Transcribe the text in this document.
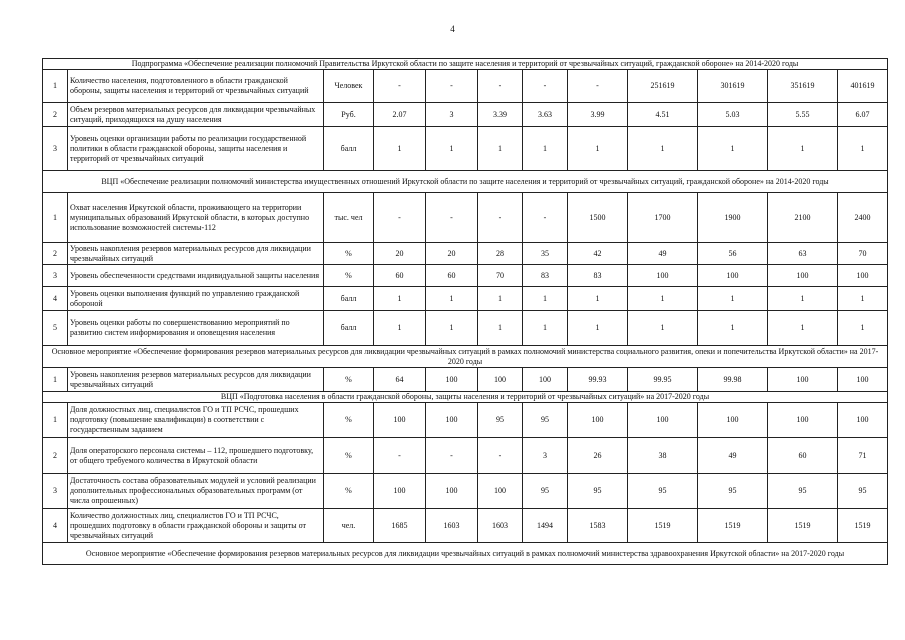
4
Подпрограмма «Обеспечение реализации полномочий Правительства Иркутской области по защите населения и территорий от чрезвычайных ситуаций, гражданской обороне» на 2014-2020 годы											
1	Количество населения, подготовленного в области гражданской обороны, защиты населения и территорий от чрезвычайных ситуаций	Человек	-	-	-	-	-	251619	301619	351619	401619
2	Объем резервов материальных ресурсов для ликвидации чрезвычайных ситуаций, приходящихся на душу населения	Руб.	2.07	3	3.39	3.63	3.99	4.51	5.03	5.55	6.07
3	Уровень оценки организации работы по реализации государственной политики в области гражданской обороны, защиты населения и территорий от чрезвычайных ситуаций	балл	1	1	1	1	1	1	1	1	1
ВЦП «Обеспечение реализации полномочий министерства имущественных отношений Иркутской области по защите населения и территорий от чрезвычайных ситуаций, гражданской обороне» на 2014-2020 годы											
1	Охват населения Иркутской области, проживающего на территории муниципальных образований Иркутской области, в которых доступно использование возможностей системы-112	тыс. чел	-	-	-	-	1500	1700	1900	2100	2400
2	Уровень накопления резервов материальных ресурсов для ликвидации чрезвычайных ситуаций	%	20	20	28	35	42	49	56	63	70
3	Уровень обеспеченности средствами индивидуальной защиты населения	%	60	60	70	83	83	100	100	100	100
4	Уровень оценки выполнения функций по управлению гражданской обороной	балл	1	1	1	1	1	1	1	1	1
5	Уровень оценки работы по совершенствованию мероприятий по развитию систем информирования и оповещения населения	балл	1	1	1	1	1	1	1	1	1
Основное мероприятие «Обеспечение формирования резервов материальных ресурсов для ликвидации чрезвычайных ситуаций в рамках полномочий министерства социального развития, опеки и попечительства Иркутской области» на 2017-2020 годы											
1	Уровень накопления резервов материальных ресурсов для ликвидации чрезвычайных ситуаций	%	64	100	100	100	99.93	99.95	99.98	100	100
ВЦП «Подготовка населения в области гражданской обороны, защиты населения и территорий от чрезвычайных ситуаций» на 2017-2020 годы											
1	Доля должностных лиц, специалистов ГО и ТП РСЧС, прошедших подготовку (повышение квалификации) в соответствии с государственным заданием	%	100	100	95	95	100	100	100	100	100
2	Доля операторского персонала системы – 112, прошедшего подготовку, от общего требуемого количества в Иркутской области	%	-	-	-	3	26	38	49	60	71
3	Достаточность состава образовательных модулей и условий реализации дополнительных профессиональных образовательных программ (от числа опрошенных)	%	100	100	100	95	95	95	95	95	95
4	Количество должностных лиц, специалистов ГО и ТП РСЧС, прошедших подготовку в области гражданской обороны и защиты от чрезвычайных ситуаций	чел.	1685	1603	1603	1494	1583	1519	1519	1519	1519
Основное мероприятие «Обеспечение формирования резервов материальных ресурсов для ликвидации чрезвычайных ситуаций в рамках полномочий министерства здравоохранения Иркутской области» на 2017-2020 годы											
